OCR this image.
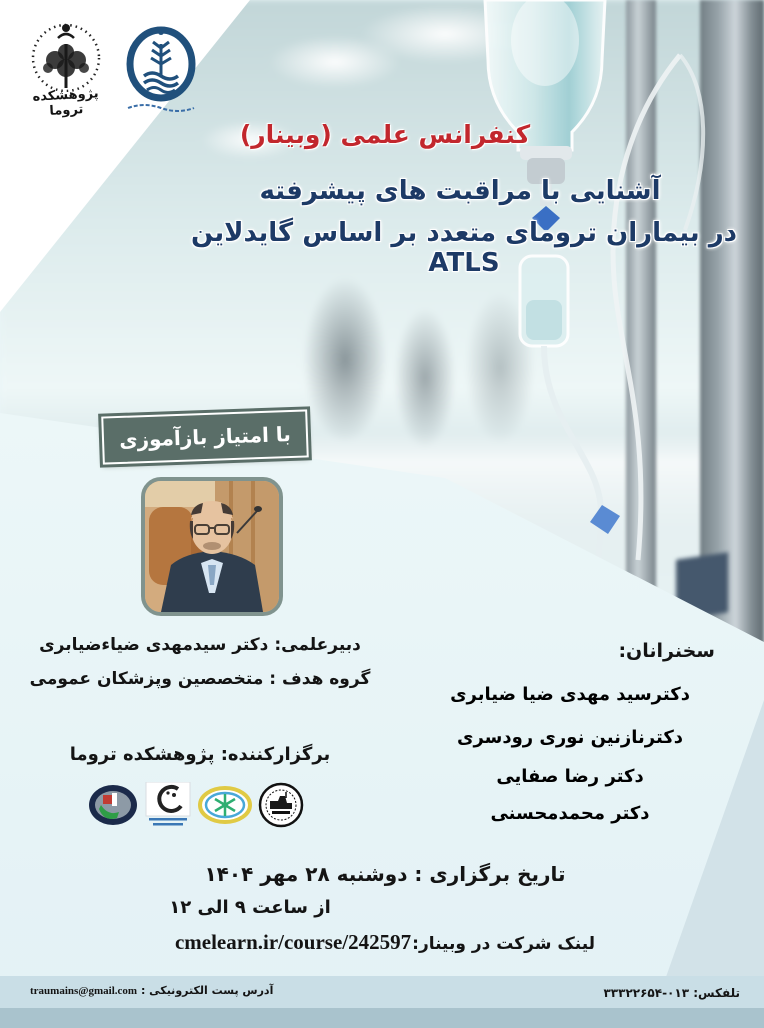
پژوهشکده تروما
کنفرانس علمی (وبینار)
آشنایی با مراقبت های پیشرفته
در بیماران ترومای متعدد بر اساس گایدلاین ATLS
با امتیاز بازآموزی
دبیرعلمی: دکتر سیدمهدی ضیاءضیابری
گروه هدف : متخصصین وپزشکان عمومی
برگزارکننده: پژوهشکده تروما
سخنرانان:
دکترسید مهدی ضیا ضیابری
دکترنازنین نوری رودسری
دکتر رضا صفایی
دکتر محمدمحسنی
تاریخ برگزاری : دوشنبه ۲۸ مهر ۱۴۰۴
از ساعت ۹ الی ۱۲
لینک شرکت در وبینار:
cmelearn.ir/course/242597
آدرس پست الکترونیکی : traumains@gmail.com	تلفکس: ۰۱۳-۳۳۳۲۲۶۵۴
